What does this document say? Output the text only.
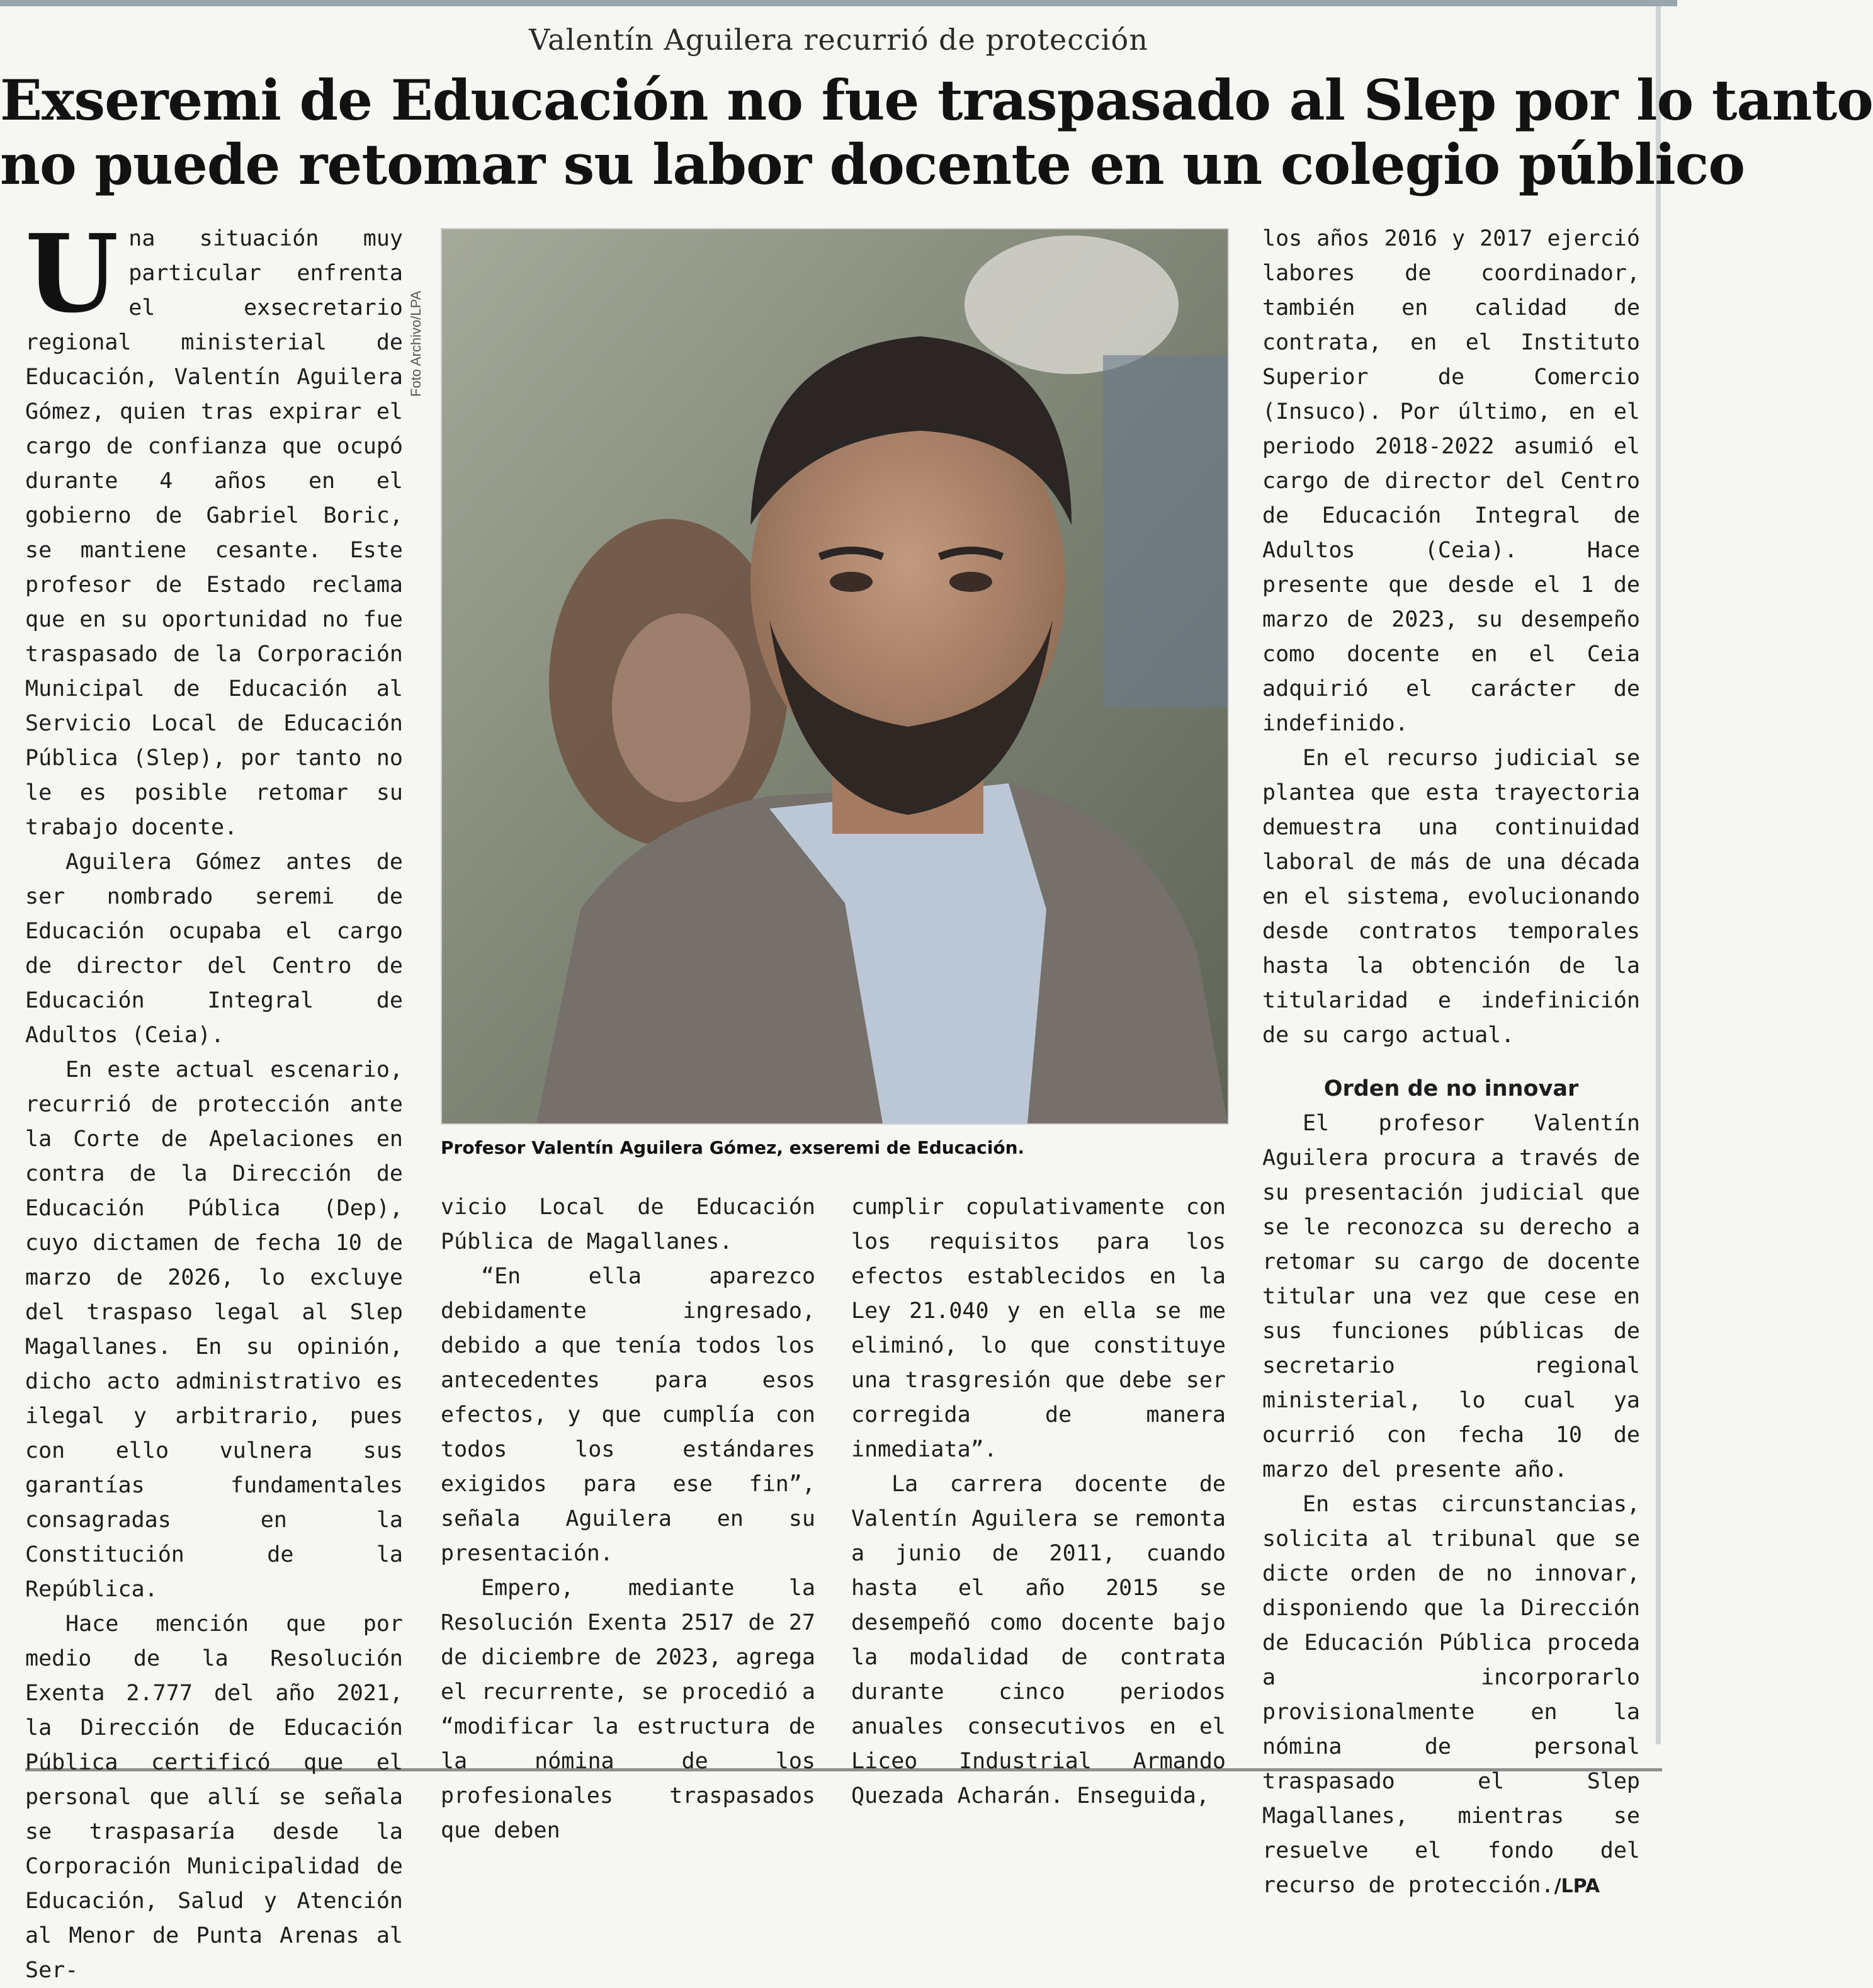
Valentín Aguilera recurrió de protección
Exseremi de Educación no fue traspasado al Slep por lo tanto
no puede retomar su labor docente en un colegio público

Una situación muy particular enfrenta el exsecretario regional ministerial de Educación, Valentín Aguilera Gómez, quien tras expirar el cargo de confianza que ocupó durante 4 años en el gobierno de Gabriel Boric, se mantiene cesante. Este profesor de Estado reclama que en su oportunidad no fue traspasado de la Corporación Municipal de Educación al Servicio Local de Educación Pública (Slep), por tanto no le es posible retomar su trabajo docente.

Aguilera Gómez antes de ser nombrado seremi de Educación ocupaba el cargo de director del Centro de Educación Integral de Adultos (Ceia).

En este actual escenario, recurrió de protección ante la Corte de Apelaciones en contra de la Dirección de Educación Pública (Dep), cuyo dictamen de fecha 10 de marzo de 2026, lo excluye del traspaso legal al Slep Magallanes. En su opinión, dicho acto administrativo es ilegal y arbitrario, pues con ello vulnera sus garantías fundamentales consagradas en la Constitución de la República.

Hace mención que por medio de la Resolución Exenta 2.777 del año 2021, la Dirección de Educación Pública certificó que el personal que allí se señala se traspasaría desde la Corporación Municipalidad de Educación, Salud y Atención al Menor de Punta Arenas al Ser-

Foto Archivo/LPA
Profesor Valentín Aguilera Gómez, exseremi de Educación.

vicio Local de Educación Pública de Magallanes.

“En ella aparezco debidamente ingresado, debido a que tenía todos los antecedentes para esos efectos, y que cumplía con todos los estándares exigidos para ese fin”, señala Aguilera en su presentación.

Empero, mediante la Resolución Exenta 2517 de 27 de diciembre de 2023, agrega el recurrente, se procedió a “modificar la estructura de la nómina de los profesionales traspasados que deben

cumplir copulativamente con los requisitos para los efectos establecidos en la Ley 21.040 y en ella se me eliminó, lo que constituye una trasgresión que debe ser corregida de manera inmediata”.

La carrera docente de Valentín Aguilera se remonta a junio de 2011, cuando hasta el año 2015 se desempeñó como docente bajo la modalidad de contrata durante cinco periodos anuales consecutivos en el Liceo Industrial Armando Quezada Acharán. Enseguida,

los años 2016 y 2017 ejerció labores de coordinador, también en calidad de contrata, en el Instituto Superior de Comercio (Insuco). Por último, en el periodo 2018-2022 asumió el cargo de director del Centro de Educación Integral de Adultos (Ceia). Hace presente que desde el 1 de marzo de 2023, su desempeño como docente en el Ceia adquirió el carácter de indefinido.

En el recurso judicial se plantea que esta trayectoria demuestra una continuidad laboral de más de una década en el sistema, evolucionando desde contratos temporales hasta la obtención de la titularidad e indefinición de su cargo actual.

Orden de no innovar

El profesor Valentín Aguilera procura a través de su presentación judicial que se le reconozca su derecho a retomar su cargo de docente titular una vez que cese en sus funciones públicas de secretario regional ministerial, lo cual ya ocurrió con fecha 10 de marzo del presente año.

En estas circunstancias, solicita al tribunal que se dicte orden de no innovar, disponiendo que la Dirección de Educación Pública proceda a incorporarlo provisionalmente en la nómina de personal traspasado el Slep Magallanes, mientras se resuelve el fondo del recurso de protección./LPA
